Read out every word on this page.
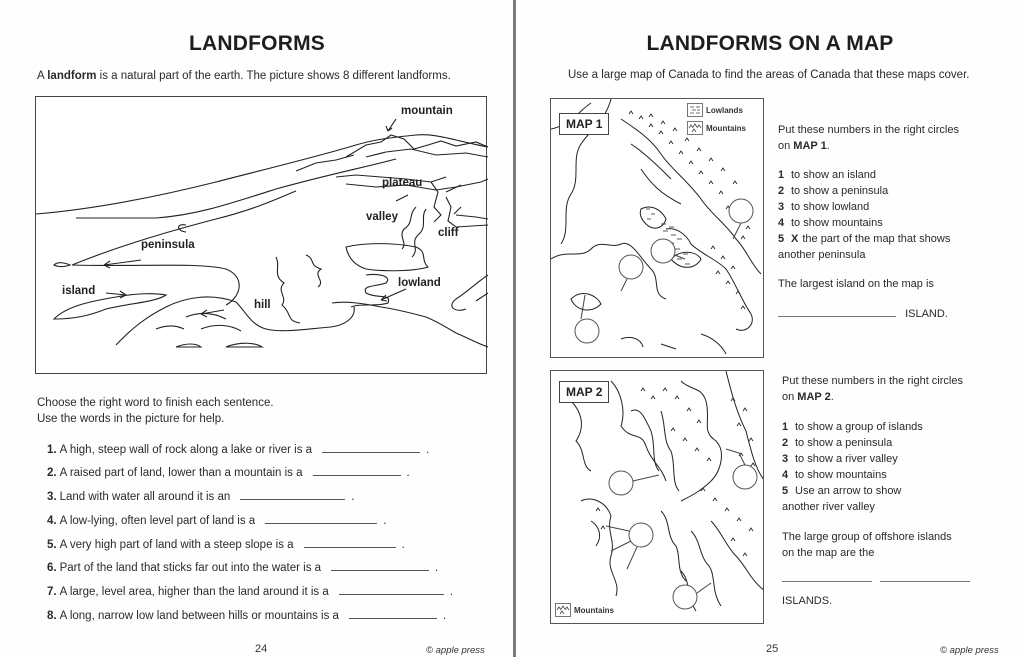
LANDFORMS
A landform is a natural part of the earth. The picture shows 8 different landforms.
mountain
plateau
valley
cliff
peninsula
lowland
island
hill
Choose the right word to finish each sentence.
Use the words in the picture for help.
1. A high, steep wall of rock along a lake or river is a	.
2. A raised part of land, lower than a mountain is a	.
3. Land with water all around it is an	.
4. A low-lying, often level part of land is a	.
5. A very high part of land with a steep slope is a	.
6. Part of the land that sticks far out into the water is a	.
7. A large, level area, higher than the land around it is a	.
8. A long, narrow low land between hills or mountains is a	.
24	© apple press
LANDFORMS ON A MAP
Use a large map of Canada to find the areas of Canada that these maps cover.
MAP 1
Lowlands
Mountains	Put these numbers in the right circles
on MAP 1.
1 to show an island
2 to show a peninsula
3 to show lowland
4 to show mountains
5 X the part of the map that shows
another peninsula
The largest island on the map is
ISLAND.
MAP 2
Mountains
Put these numbers in the right circles
on MAP 2.
1 to show a group of islands
2 to show a peninsula
3 to show a river valley
4 to show mountains
5 Use an arrow to show
another river valley
The large group of offshore islands
on the map are the
ISLANDS.
25	© apple press
